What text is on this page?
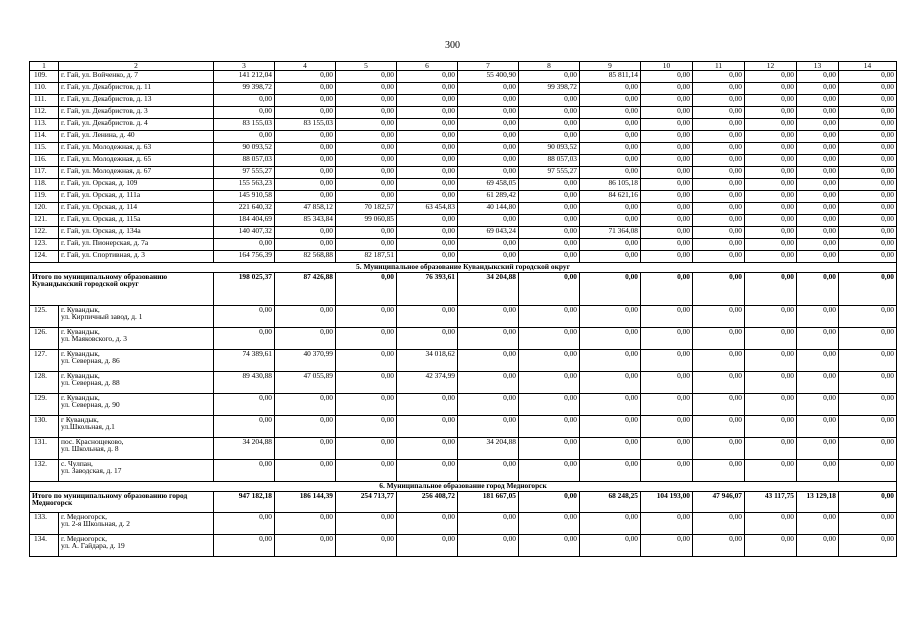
300
1	2	3	4	5	6	7	8	9	10	11	12	13	14
109.	г. Гай, ул. Войченко, д. 7	141 212,04	0,00	0,00	0,00	55 400,90	0,00	85 811,14	0,00	0,00	0,00	0,00	0,00
110.	г. Гай, ул. Декабристов, д. 11	99 398,72	0,00	0,00	0,00	0,00	99 398,72	0,00	0,00	0,00	0,00	0,00	0,00
111.	г. Гай, ул. Декабристов, д. 13	0,00	0,00	0,00	0,00	0,00	0,00	0,00	0,00	0,00	0,00	0,00	0,00
112.	г. Гай, ул. Декабристов, д. 3	0,00	0,00	0,00	0,00	0,00	0,00	0,00	0,00	0,00	0,00	0,00	0,00
113.	г. Гай, ул. Декабристов. д. 4	83 155,03	83 155,03	0,00	0,00	0,00	0,00	0,00	0,00	0,00	0,00	0,00	0,00
114.	г. Гай, ул. Ленина, д. 40	0,00	0,00	0,00	0,00	0,00	0,00	0,00	0,00	0,00	0,00	0,00	0,00
115.	г. Гай, ул. Молодежная, д. 63	90 093,52	0,00	0,00	0,00	0,00	90 093,52	0,00	0,00	0,00	0,00	0,00	0,00
116.	г. Гай, ул. Молодежная, д. 65	88 057,03	0,00	0,00	0,00	0,00	88 057,03	0,00	0,00	0,00	0,00	0,00	0,00
117.	г. Гай, ул. Молодежная, д. 67	97 555,27	0,00	0,00	0,00	0,00	97 555,27	0,00	0,00	0,00	0,00	0,00	0,00
118.	г. Гай, ул. Орская, д. 109	155 563,23	0,00	0,00	0,00	69 458,05	0,00	86 105,18	0,00	0,00	0,00	0,00	0,00
119.	г. Гай, ул. Орская, д. 111а	145 910,58	0,00	0,00	0,00	61 289,42	0,00	84 621,16	0,00	0,00	0,00	0,00	0,00
120.	г. Гай, ул. Орская, д. 114	221 640,32	47 858,12	70 182,57	63 454,83	40 144,80	0,00	0,00	0,00	0,00	0,00	0,00	0,00
121.	г. Гай, ул. Орская, д. 115а	184 404,69	85 343,84	99 060,85	0,00	0,00	0,00	0,00	0,00	0,00	0,00	0,00	0,00
122.	г. Гай, ул. Орская, д. 134а	140 407,32	0,00	0,00	0,00	69 043,24	0,00	71 364,08	0,00	0,00	0,00	0,00	0,00
123.	г. Гай, ул. Пионерская, д. 7а	0,00	0,00	0,00	0,00	0,00	0,00	0,00	0,00	0,00	0,00	0,00	0,00
124.	г. Гай, ул. Спортивная, д. 3	164 756,39	82 568,88	82 187,51	0,00	0,00	0,00	0,00	0,00	0,00	0,00	0,00	0,00
5. Муниципальное образование Кувандыкский городской округ													
Итого по муниципальному образованию Кувандыкский городской округ		198 025,37	87 426,88	0,00	76 393,61	34 204,88	0,00	0,00	0,00	0,00	0,00	0,00	0,00
125.	г. Кувандык,
ул. Кирпичный завод, д. 1	0,00	0,00	0,00	0,00	0,00	0,00	0,00	0,00	0,00	0,00	0,00	0,00
126.	г. Кувандык,
ул. Маяковского, д. 3	0,00	0,00	0,00	0,00	0,00	0,00	0,00	0,00	0,00	0,00	0,00	0,00
127.	г. Кувандык,
ул. Северная, д. 86	74 389,61	40 370,99	0,00	34 018,62	0,00	0,00	0,00	0,00	0,00	0,00	0,00	0,00
128.	г. Кувандык,
ул. Северная, д. 88	89 430,88	47 055,89	0,00	42 374,99	0,00	0,00	0,00	0,00	0,00	0,00	0,00	0,00
129.	г. Кувандык,
ул. Северная, д. 90	0,00	0,00	0,00	0,00	0,00	0,00	0,00	0,00	0,00	0,00	0,00	0,00
130.	г Кувандык,
ул.Школьная, д.1	0,00	0,00	0,00	0,00	0,00	0,00	0,00	0,00	0,00	0,00	0,00	0,00
131.	пос. Краснощеково,
ул. Школьная, д. 8	34 204,88	0,00	0,00	0,00	34 204,88	0,00	0,00	0,00	0,00	0,00	0,00	0,00
132.	с. Чулпан,
ул. Заводская, д. 17	0,00	0,00	0,00	0,00	0,00	0,00	0,00	0,00	0,00	0,00	0,00	0,00
6. Муниципальное образование город Медногорск													
Итого по муниципальному образованию город Медногорск		947 182,18	186 144,39	254 713,77	256 408,72	181 667,05	0,00	68 248,25	104 193,00	47 946,07	43 117,75	13 129,18	0,00
133.	г. Медногорск,
ул. 2-я Школьная, д. 2	0,00	0,00	0,00	0,00	0,00	0,00	0,00	0,00	0,00	0,00	0,00	0,00
134.	г. Медногорск,
ул. А. Гайдара, д. 19	0,00	0,00	0,00	0,00	0,00	0,00	0,00	0,00	0,00	0,00	0,00	0,00
